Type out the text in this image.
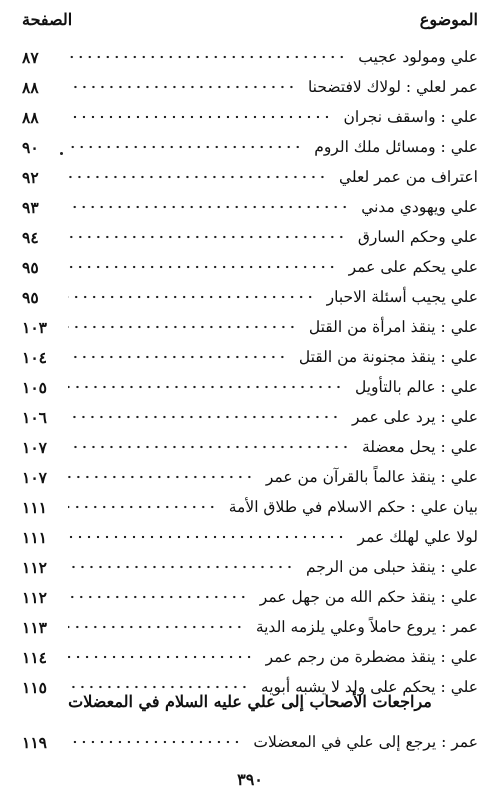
الصفحة	الموضوع
علي ومولود عجيب
٨٧
عمر لعلي : لولاك لافتضحنا
٨٨
علي : واسقف نجران
٨٨
علي : ومسائل ملك الروم
٩٠
اعتراف من عمر لعلي
٩٢
علي ويهودي مدني
٩٣
علي وحكم السارق
٩٤
علي يحكم على عمر
٩٥
علي يجيب أسئلة الاحبار
٩٥
علي : ينقذ امرأة من القتل
١٠٣
علي : ينقذ مجنونة من القتل
١٠٤
علي : عالم بالتأويل
١٠٥
علي : يرد على عمر
١٠٦
علي : يحل معضلة
١٠٧
علي : ينقذ عالماً بالقرآن من عمر
١٠٧
بيان علي : حكم الاسلام في طلاق الأمة
١١١
لولا علي لهلك عمر
١١١
علي : ينقذ حبلى من الرجم
١١٢
علي : ينقذ حكم الله من جهل عمر
١١٢
عمر : يروع حاملاً وعلي يلزمه الدية
١١٣
علي : ينقذ مضطرة من رجم عمر
١١٤
علي : يحكم على ولد لا يشبه أبويه
١١٥
مراجعات الأصحاب إلى علي عليه السلام في المعضلات
عمر : يرجع إلى علي في المعضلات
١١٩
٣٩٠
